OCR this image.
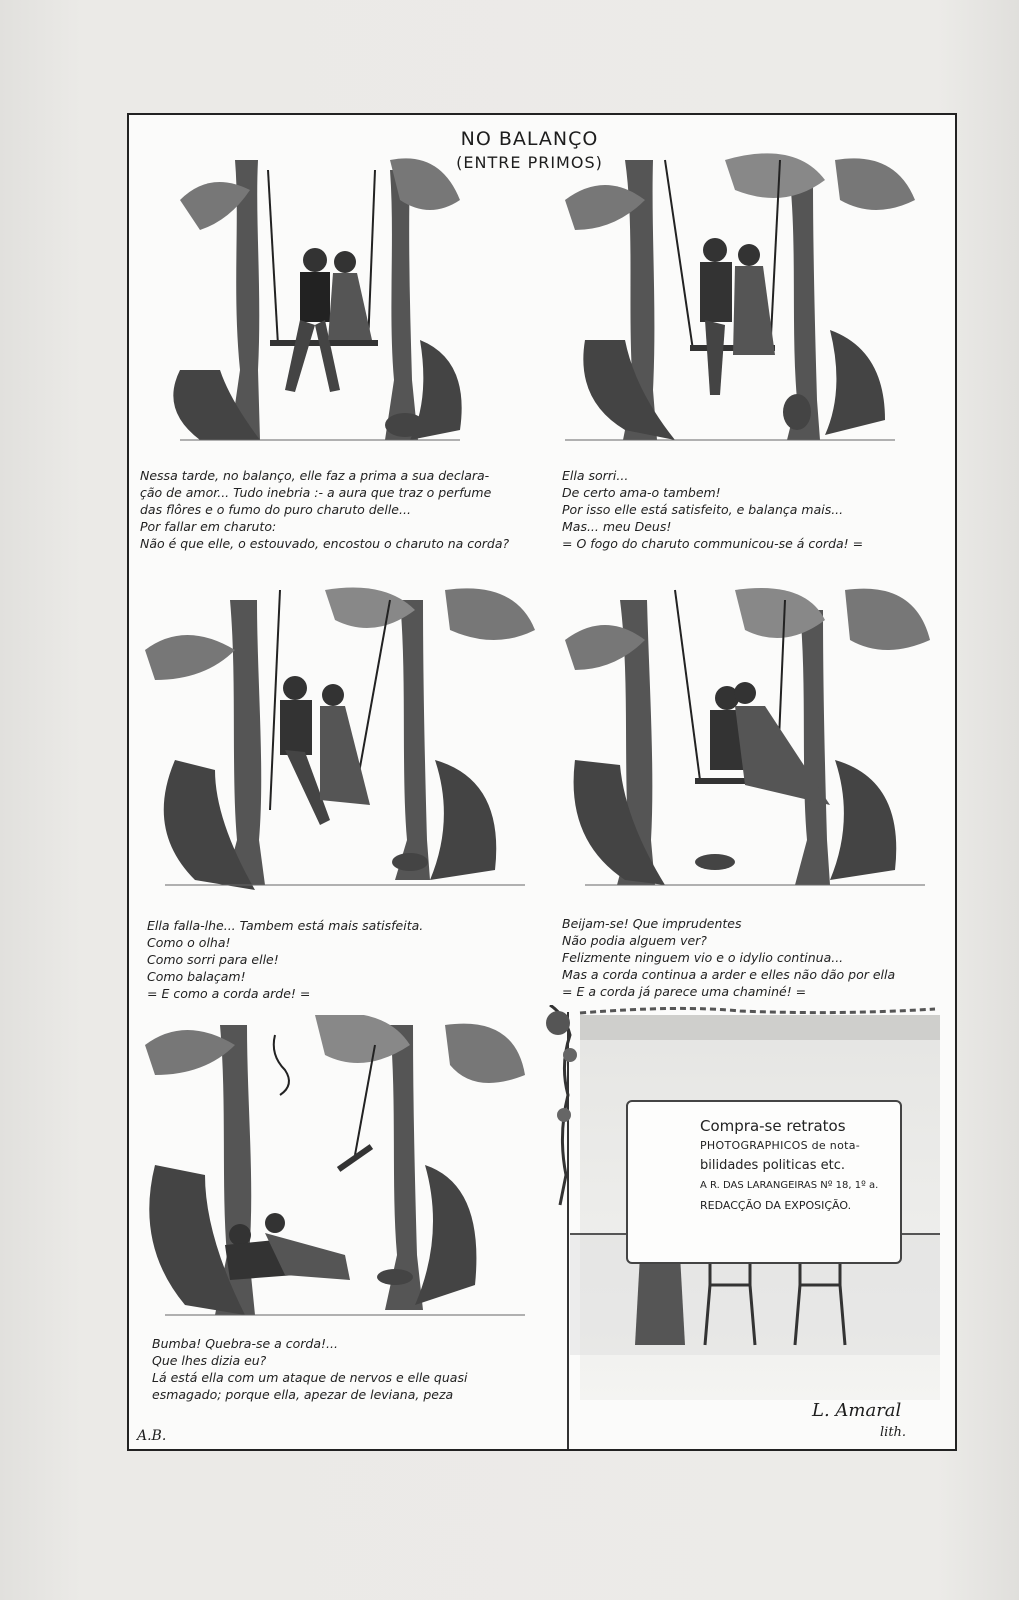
NO BALANÇO
(ENTRE PRIMOS)
Nessa tarde, no balanço, elle faz a prima a sua declara-
ção de amor... Tudo inebria :- a aura que traz o perfume
das flôres e o fumo do puro charuto delle...
Por fallar em charuto:
Não é que elle, o estouvado, encostou o charuto na corda?
Ella sorri...
De certo ama-o tambem!
Por isso elle está satisfeito, e balança mais...
Mas... meu Deus!
= O fogo do charuto communicou-se á corda! =
Ella falla-lhe... Tambem está mais satisfeita.
Como o olha!
Como sorri para elle!
Como balaçam!
= E como a corda arde! =
Beijam-se! Que imprudentes
Não podia alguem ver?
Felizmente ninguem vio e o idylio continua...
Mas a corda continua a arder e elles não dão por ella
= E a corda já parece uma chaminé! =
Bumba! Quebra-se a corda!...
Que lhes dizia eu?
Lá está ella com um ataque de nervos e elle quasi
esmagado; porque ella, apezar de leviana, peza
A.B.
Compra-se retratos
PHOTOGRAPHICOS de nota-
bilidades politicas etc.
A R. DAS LARANGEIRAS Nº 18, 1º a.
REDACÇÃO DA EXPOSIÇÃO.
L. Amaral
lith.
